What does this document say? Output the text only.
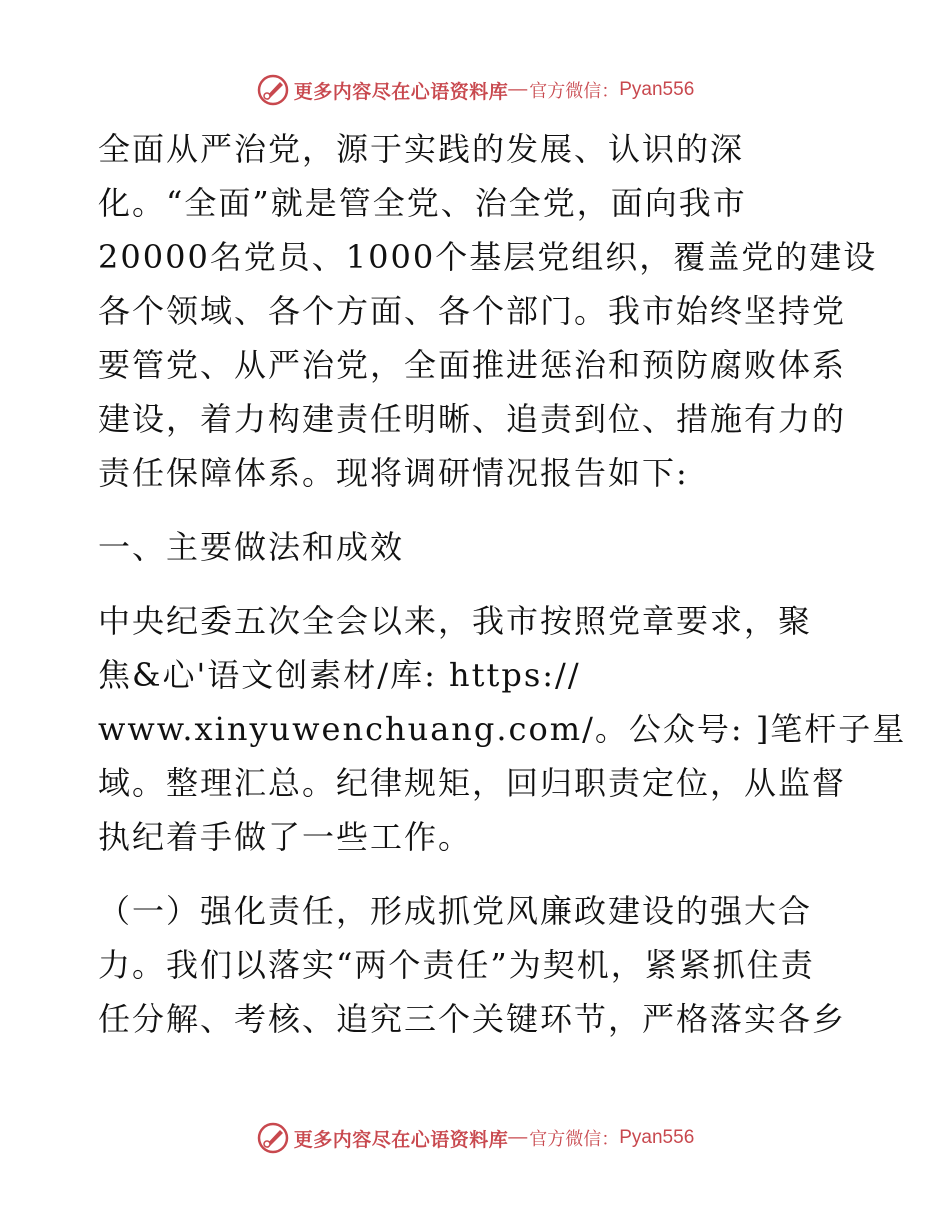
更多内容尽在心语资料库 — 官方微信： Pyan556

全面从严治党，源于实践的发展、认识的深
化。“全面”就是管全党、治全党，面向我市
20000名党员、1000个基层党组织，覆盖党的建设
各个领域、各个方面、各个部门。我市始终坚持党
要管党、从严治党，全面推进惩治和预防腐败体系
建设，着力构建责任明晰、追责到位、措施有力的
责任保障体系。现将调研情况报告如下:

一、主要做法和成效

中央纪委五次全会以来，我市按照党章要求，聚
焦&心'语文创素材/库: https://
www.xinyuwenchuang.com/。公众号: ]笔杆子星
域。整理汇总。纪律规矩，回归职责定位，从监督
执纪着手做了一些工作。

（一）强化责任，形成抓党风廉政建设的强大合
力。我们以落实“两个责任”为契机，紧紧抓住责
任分解、考核、追究三个关键环节，严格落实各乡

更多内容尽在心语资料库 — 官方微信： Pyan556
